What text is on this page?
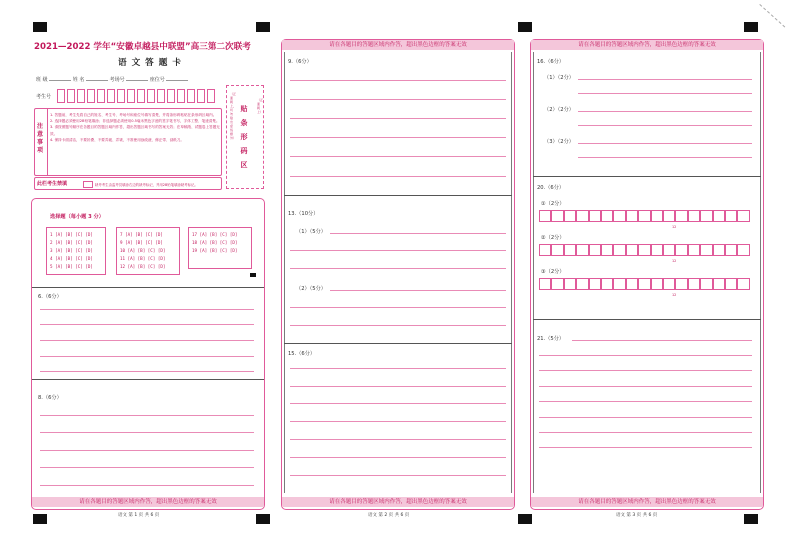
2021—2022 学年“安徽卓越县中联盟”高三第二次联考
语 文 答 题 卡
班 级	姓 名	考场号	座位号
考生号
注意事项
1. 答题前，考生先将自己的姓名、考生号、考场号和座位号填写清楚，并将条形码粘贴在条形码区域内。
2. 选择题必须使用2B铅笔填涂；非选择题必须使用0.5毫米黑色字迹的签字笔书写，字体工整、笔迹清楚。
3. 请按照题号顺序在各题目的答题区域内作答，超出答题区域书写的答案无效；在草稿纸、试题卷上答题无效。
4. 保持卡面清洁，不要折叠、不要弄破、弄皱，不准使用涂改液、修正带、刮纸刀。
此栏考生禁填	缺考考生由监考员填涂右边的缺考标记，并用2B铅笔填涂缺考标记。
贴 条 形 码 区
（正面朝上，切勿贴出虚线框外）
（正面朝上）
选择题（每小题 3 分）
1 [A] [B] [C] [D]
2 [A] [B] [C] [D]
3 [A] [B] [C] [D]
4 [A] [B] [C] [D]
5 [A] [B] [C] [D]
7 [A] [B] [C] [D]
9 [A] [B] [C] [D]
10 [A] [B] [C] [D]
11 [A] [B] [C] [D]
12 [A] [B] [C] [D]
17 [A] [B] [C] [D]
18 [A] [B] [C] [D]
19 [A] [B] [C] [D]
6.（6分）
8.（6分）
请在各题目的答题区域内作答，超出黑色边框的答案无效
语文 第 1 页 共 6 页
请在各题目的答题区域内作答，超出黑色边框的答案无效
9.（6分）
13.（10分）
（1）（5分）
（2）（5分）
15.（6分）
请在各题目的答题区域内作答，超出黑色边框的答案无效
语文 第 2 页 共 6 页
请在各题目的答题区域内作答，超出黑色边框的答案无效
16.（6分）
（1）（2分）
（2）（2分）
（3）（2分）
20.（6分）
①（2分）
12
②（2分）
12
③（2分）
12
21.（5分）
请在各题目的答题区域内作答，超出黑色边框的答案无效
语文 第 3 页 共 6 页
